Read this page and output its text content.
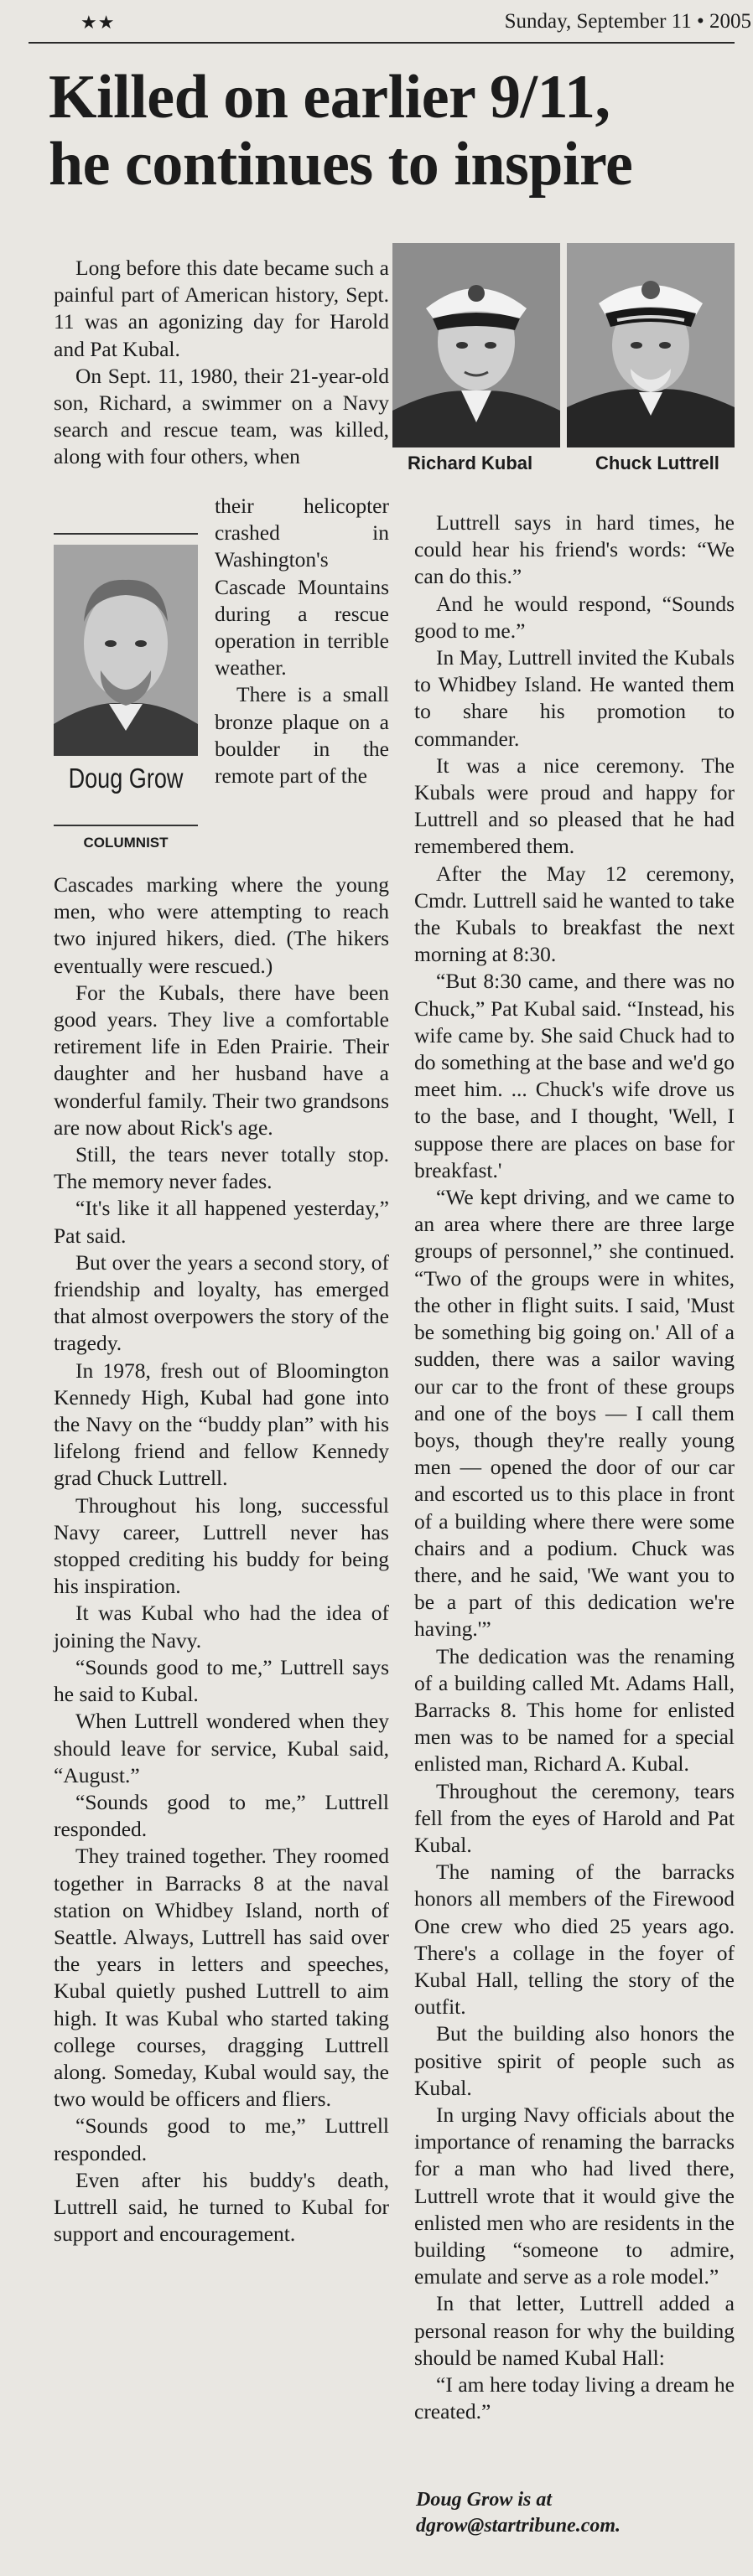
★★	Sunday, September 11 • 2005
Killed on earlier 9/11,
he continues to inspire
Richard Kubal	Chuck Luttrell
Doug Grow
COLUMNIST

Long before this date became such a painful part of American history, Sept. 11 was an agonizing day for Harold and Pat Kubal.

On Sept. 11, 1980, their 21-year-old son, Richard, a swimmer on a Navy search and rescue team, was killed, along with four others, when

their helicopter crashed in Washington's Cascade Mountains during a rescue operation in terrible weather.

There is a small bronze plaque on a boulder in the remote part of the

Cascades marking where the young men, who were attempting to reach two injured hikers, died. (The hikers eventually were rescued.)

For the Kubals, there have been good years. They live a comfortable retirement life in Eden Prairie. Their daughter and her husband have a wonderful family. Their two grandsons are now about Rick's age.

Still, the tears never totally stop. The memory never fades.

“It's like it all happened yesterday,” Pat said.

But over the years a second story, of friendship and loyalty, has emerged that almost overpowers the story of the tragedy.

In 1978, fresh out of Bloomington Kennedy High, Kubal had gone into the Navy on the “buddy plan” with his lifelong friend and fellow Kennedy grad Chuck Luttrell.

Throughout his long, successful Navy career, Luttrell never has stopped crediting his buddy for being his inspiration.

It was Kubal who had the idea of joining the Navy.

“Sounds good to me,” Luttrell says he said to Kubal.

When Luttrell wondered when they should leave for service, Kubal said, “August.”

“Sounds good to me,” Luttrell responded.

They trained together. They roomed together in Barracks 8 at the naval station on Whidbey Island, north of Seattle. Always, Luttrell has said over the years in letters and speeches, Kubal quietly pushed Luttrell to aim high. It was Kubal who started taking college courses, dragging Luttrell along. Someday, Kubal would say, the two would be officers and fliers.

“Sounds good to me,” Luttrell responded.

Even after his buddy's death, Luttrell said, he turned to Kubal for support and encouragement.

Luttrell says in hard times, he could hear his friend's words: “We can do this.”

And he would respond, “Sounds good to me.”

In May, Luttrell invited the Kubals to Whidbey Island. He wanted them to share his promotion to commander.

It was a nice ceremony. The Kubals were proud and happy for Luttrell and so pleased that he had remembered them.

After the May 12 ceremony, Cmdr. Luttrell said he wanted to take the Kubals to breakfast the next morning at 8:30.

“But 8:30 came, and there was no Chuck,” Pat Kubal said. “Instead, his wife came by. She said Chuck had to do something at the base and we'd go meet him. ... Chuck's wife drove us to the base, and I thought, 'Well, I suppose there are places on base for breakfast.'

“We kept driving, and we came to an area where there are three large groups of personnel,” she continued. “Two of the groups were in whites, the other in flight suits. I said, 'Must be something big going on.' All of a sudden, there was a sailor waving our car to the front of these groups and one of the boys — I call them boys, though they're really young men — opened the door of our car and escorted us to this place in front of a building where there were some chairs and a podium. Chuck was there, and he said, 'We want you to be a part of this dedication we're having.'”

The dedication was the renaming of a building called Mt. Adams Hall, Barracks 8. This home for enlisted men was to be named for a special enlisted man, Richard A. Kubal.

Throughout the ceremony, tears fell from the eyes of Harold and Pat Kubal.

The naming of the barracks honors all members of the Firewood One crew who died 25 years ago. There's a collage in the foyer of Kubal Hall, telling the story of the outfit.

But the building also honors the positive spirit of people such as Kubal.

In urging Navy officials about the importance of renaming the barracks for a man who had lived there, Luttrell wrote that it would give the enlisted men who are residents in the building “someone to admire, emulate and serve as a role model.”

In that letter, Luttrell added a personal reason for why the building should be named Kubal Hall:

“I am here today living a dream he created.”

Doug Grow is at
dgrow@startribune.com.
